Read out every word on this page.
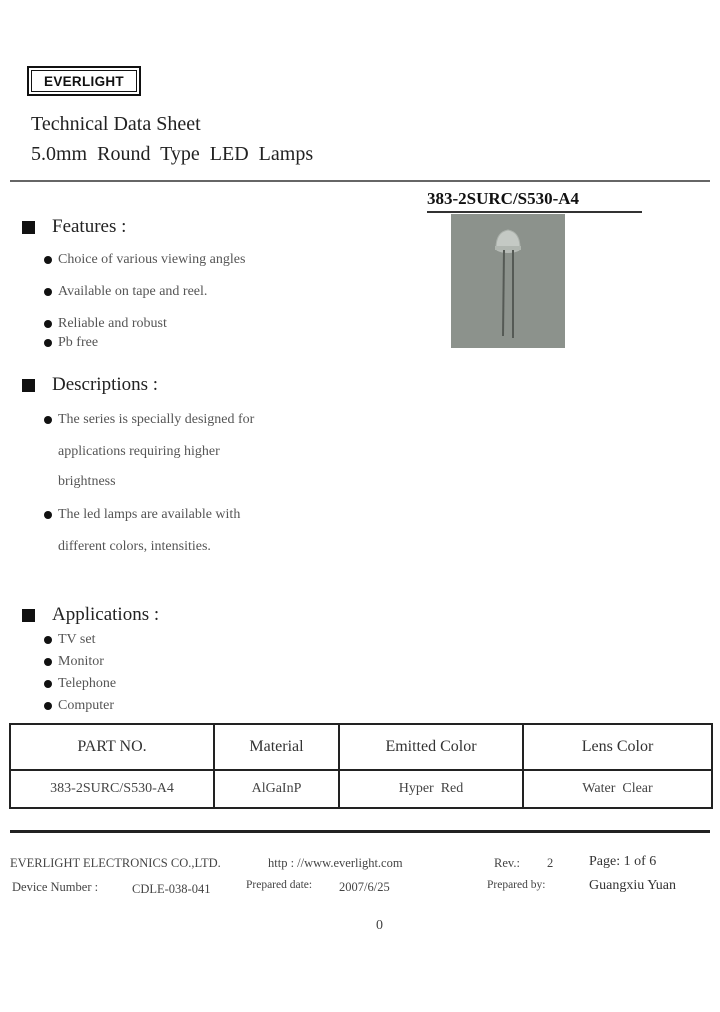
EVERLIGHT
Technical Data Sheet
5.0mm Round Type LED Lamps
383-2SURC/S530-A4
Features :
Choice of various viewing angles
Available on tape and reel.
Reliable and robust
Pb free
Descriptions :
The series is specially designed for
applications requiring higher
brightness
The led lamps are available with
different colors, intensities.
Applications :
TV set
Monitor
Telephone
Computer
PART NO.	Material	Emitted Color	Lens Color
383-2SURC/S530-A4	AlGaInP	Hyper  Red	Water  Clear
EVERLIGHT ELECTRONICS CO.,LTD.	http : //www.everlight.com	Rev.: 2	Page: 1 of 6
Device Number :	CDLE-038-041	Prepared date: 2007/6/25	Prepared by:	Guangxiu Yuan
0
